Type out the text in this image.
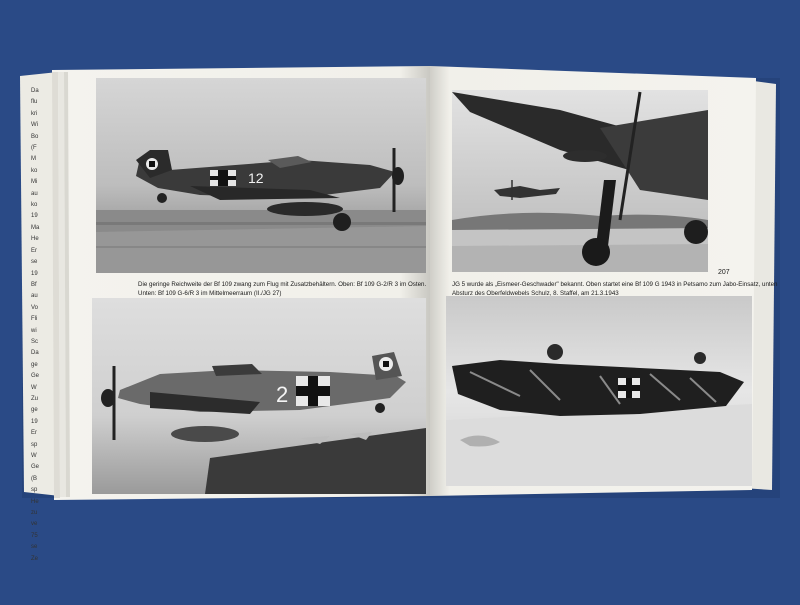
12
207
2
Da
flu
kri
Wi
Bo
(F
M
ko
Mi
au
ko
19
Ma
He
Er
se
19
Bf
au
Vo
Fli
wi
Sc
Da
ge
Ge
W
Zu
ge
19
Er
sp
W
Ge
(B
sp
He
zu
ve
75
se
Ze

Die geringe Reichweite der Bf 109 zwang zum Flug mit Zusatzbehältern. Oben: Bf 109 G-2/R 3 im Osten.

Unten: Bf 109 G-6/R 3 im Mittelmeerraum (II./JG 27)

JG 5 wurde als „Eismeer-Geschwader" bekannt. Oben startet eine Bf 109 G 1943 in Petsamo zum Jabo-Einsatz, unten

Absturz des Oberfeldwebels Schulz, 8. Staffel, am 21.3.1943
